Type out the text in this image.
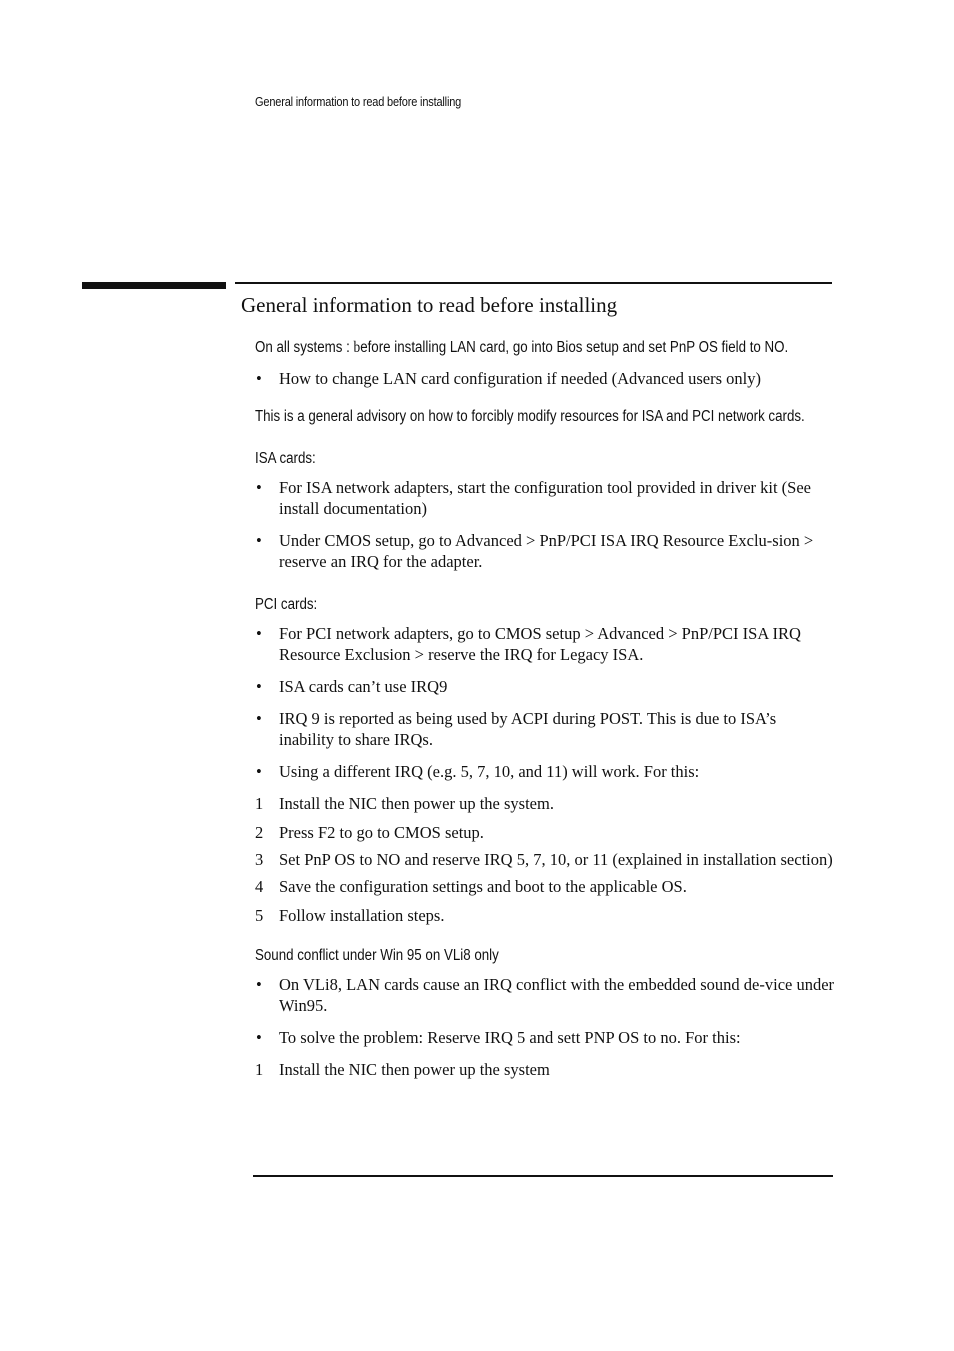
General information to read before installing
General information to read before installing
On all systems : before installing LAN card, go into Bios setup and set PnP OS field to NO.
• How to change LAN card configuration if needed (Advanced users only)
This is a general advisory on how to forcibly modify resources for ISA and PCI network cards.
ISA cards:
• For ISA network adapters, start the configuration tool provided in driver kit (See install documentation)
• Under CMOS setup, go to Advanced > PnP/PCI ISA IRQ Resource Exclu-sion > reserve an IRQ for the adapter.
PCI cards:
• For PCI network adapters, go to CMOS setup > Advanced > PnP/PCI ISA IRQ Resource Exclusion > reserve the IRQ for Legacy ISA.
• ISA cards can’t use IRQ9
• IRQ 9 is reported as being used by ACPI during POST. This is due to ISA’s inability to share IRQs.
• Using a different IRQ (e.g. 5, 7, 10, and 11) will work. For this:
1 Install the NIC then power up the system.
2 Press F2 to go to CMOS setup.
3 Set PnP OS to NO and reserve IRQ 5, 7, 10, or 11 (explained in installation section)
4 Save the configuration settings and boot to the applicable OS.
5 Follow installation steps.
Sound conflict under Win 95 on VLi8 only
• On VLi8, LAN cards cause an IRQ conflict with the embedded sound de-vice under Win95.
• To solve the problem: Reserve IRQ 5 and sett PNP OS to no. For this:
1 Install the NIC then power up the system
